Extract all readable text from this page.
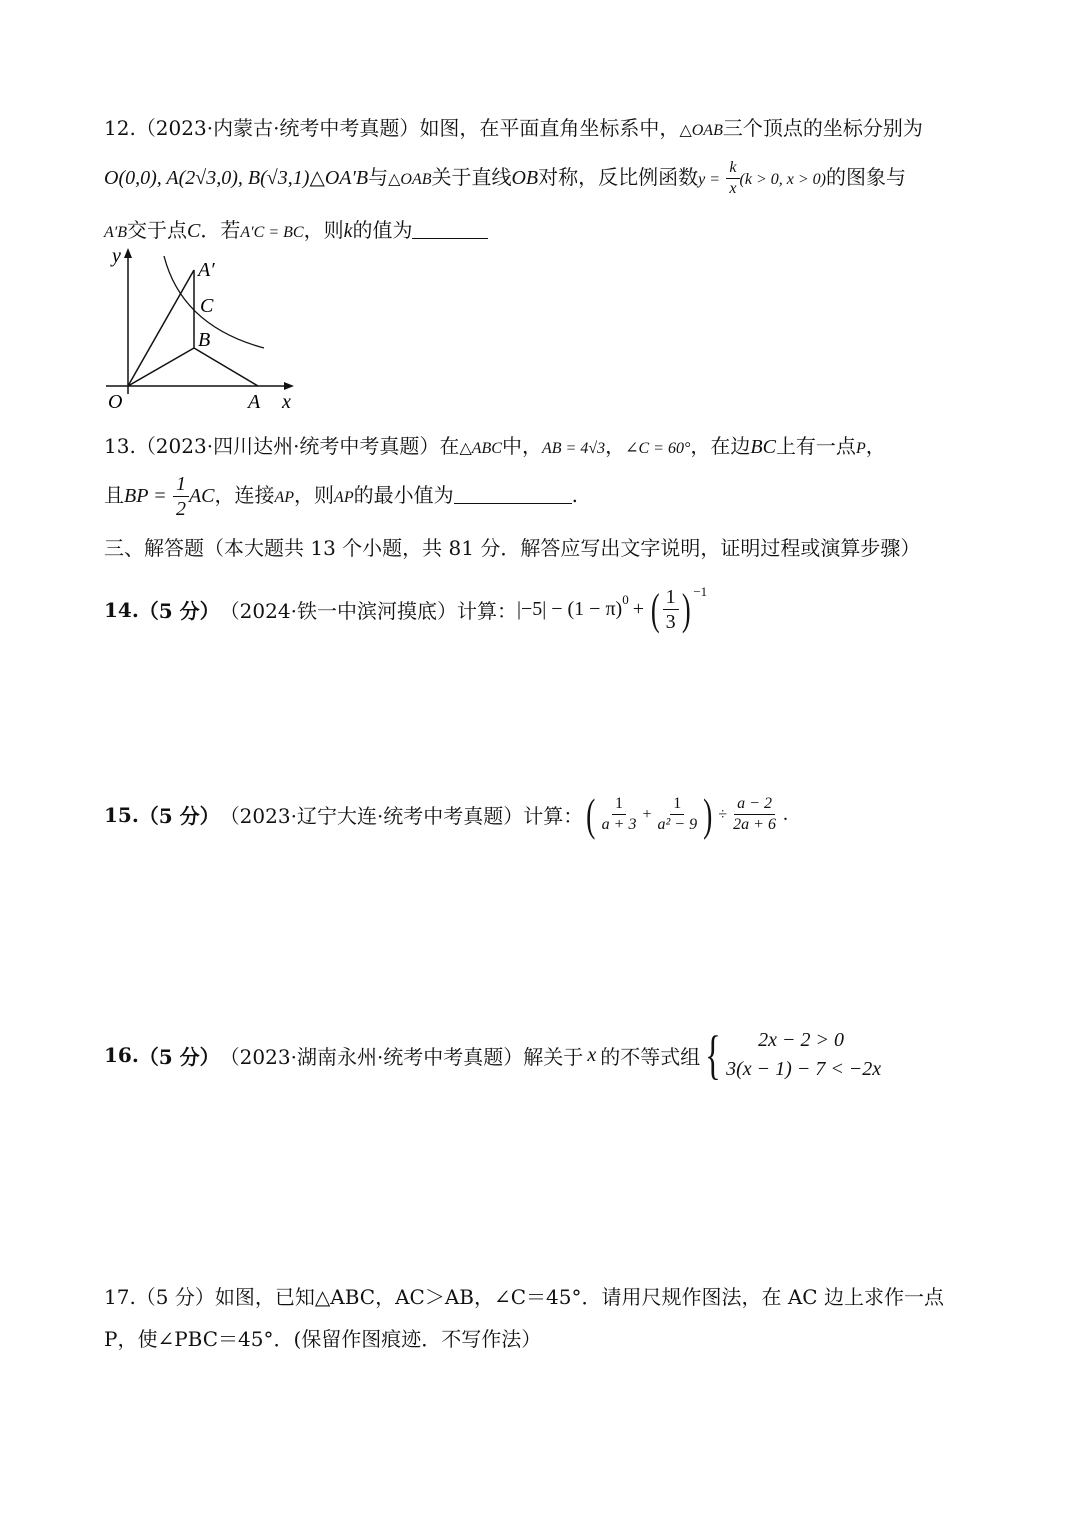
12.（2023·内蒙古·统考中考真题）如图，在平面直角坐标系中，△OAB三个顶点的坐标分别为
O(0,0), A(2√3,0), B(√3,1)△OA′B与△OAB关于直线OB对称，反比例函数$y = \frac{k}{x} (k > 0$, x > 0)的图象与
A′B交于点C．若A′C = BC，则k的值为
y
x
O	A
B
C
A′
13.（2023·四川达州·统考中考真题）在△ABC中，AB = 4√3，∠C = 60°，在边BC上有一点P，
且BP = $\frac{1}{2}$ AC，连接AP，则AP的最小值为	.
三、解答题（本大题共 13 个小题，共 81 分．解答应写出文字说明，证明过程或演算步骤）
14. （5 分） （2024·铁一中滨河摸底）计算： $|-5| - (1 - \pi)^0$ + ( $\frac{1}{3} )^{-1}$
15. （5 分） （2023·辽宁大连·统考中考真题）计算： ( $\frac{1}{a + 3} + \frac{1}{\text{a² − 9}}$ ) ÷ $\frac{a - 2}{2a + 6}$ .
16. （5 分） （2023·湖南永州·统考中考真题）解关于 x 的不等式组 {	2x − 2 > 0
3(x − 1) − 7 < −2x
17.（5 分）如图，已知△ABC，AC＞AB，∠C＝45°．请用尺规作图法，在 AC 边上求作一点
P，使∠PBC＝45°．(保留作图痕迹．不写作法）
